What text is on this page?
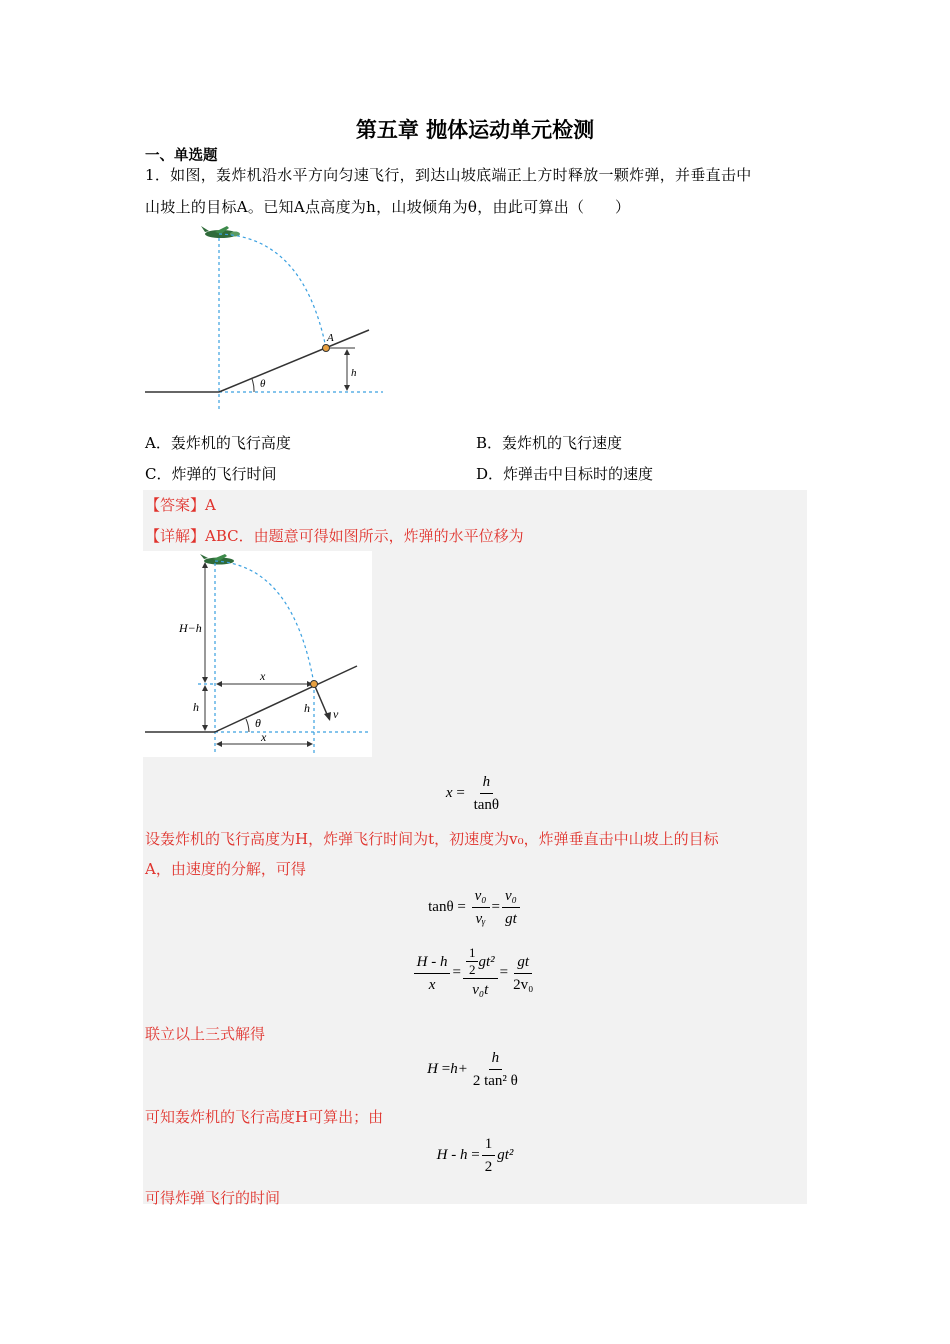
第五章 抛体运动单元检测
一、单选题
1．如图，轰炸机沿水平方向匀速飞行，到达山坡底端正上方时释放一颗炸弹，并垂直击中
山坡上的目标A。已知A点高度为h，山坡倾角为θ，由此可算出（　　）
A
h
θ
A．轰炸机的飞行高度	B．轰炸机的飞行速度
C．炸弹的飞行时间	D．炸弹击中目标时的速度
【答案】A
【详解】ABC．由题意可得如图所示，炸弹的水平位移为
H−h
h
x
x
h v
θ
$x = \frac{h}{\tan\theta}$
设轰炸机的飞行高度为H，炸弹飞行时间为t，初速度为v₀，炸弹垂直击中山坡上的目标
A，由速度的分解，可得
$\tan\theta = \frac{\text{v₀}}{\text{vᵧ}} = \frac{\text{v₀}}{gt}$
$\frac{H - h}{x} = \frac{\frac{1}{2} gt^2}{\text{v₀t}} = \frac{gt}{\text{2v₀}}$
联立以上三式解得
$H =h+ \frac{h}{\text{2 tan² θ}}$
可知轰炸机的飞行高度H可算出；由
$H - h = \frac{1}{2} gt^2$
可得炸弹飞行的时间
